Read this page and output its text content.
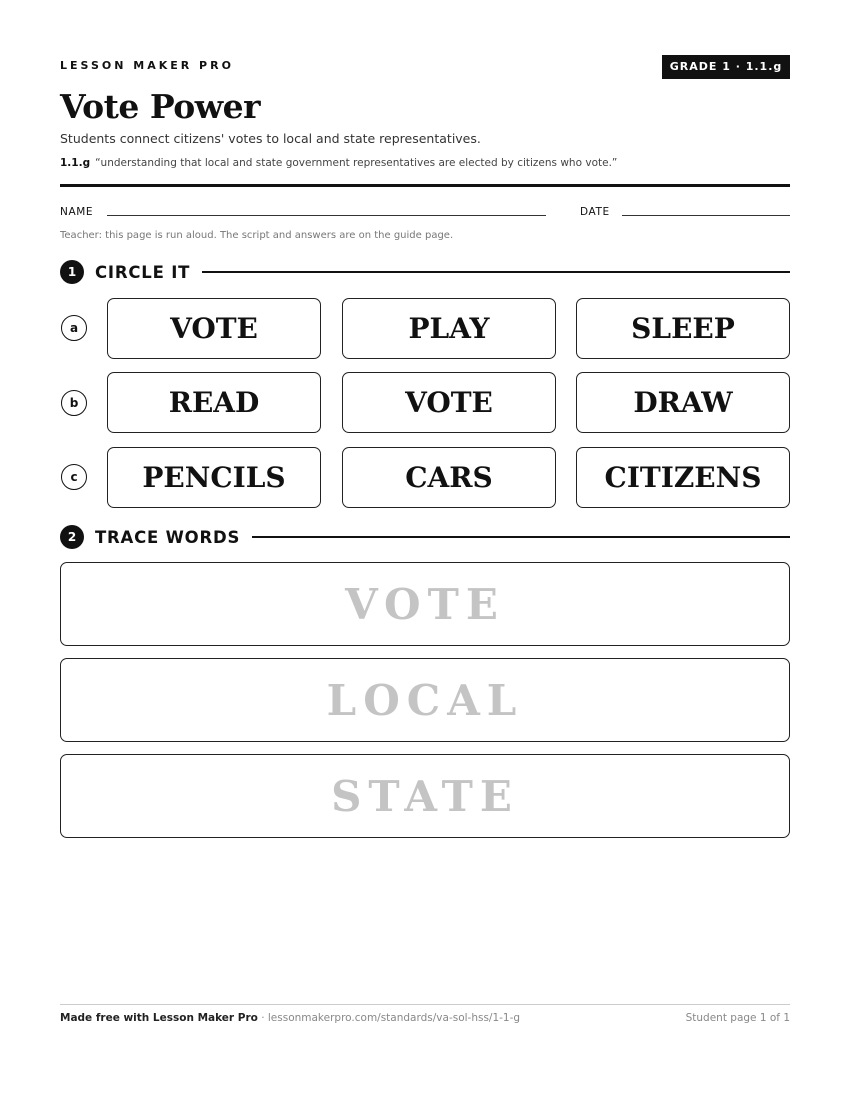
LESSON MAKER PRO	GRADE 1 · 1.1.g
Vote Power
Students connect citizens' votes to local and state representatives.
1.1.g “understanding that local and state government representatives are elected by citizens who vote.”
NAME	DATE
Teacher: this page is run aloud. The script and answers are on the guide page.
1	CIRCLE IT
a	VOTE	PLAY	SLEEP
b	READ	VOTE	DRAW
c	PENCILS	CARS	CITIZENS
2	TRACE WORDS
VOTE
LOCAL
STATE
Made free with Lesson Maker Pro · lessonmakerpro.com/standards/va-sol-hss/1-1-g	Student page 1 of 1
